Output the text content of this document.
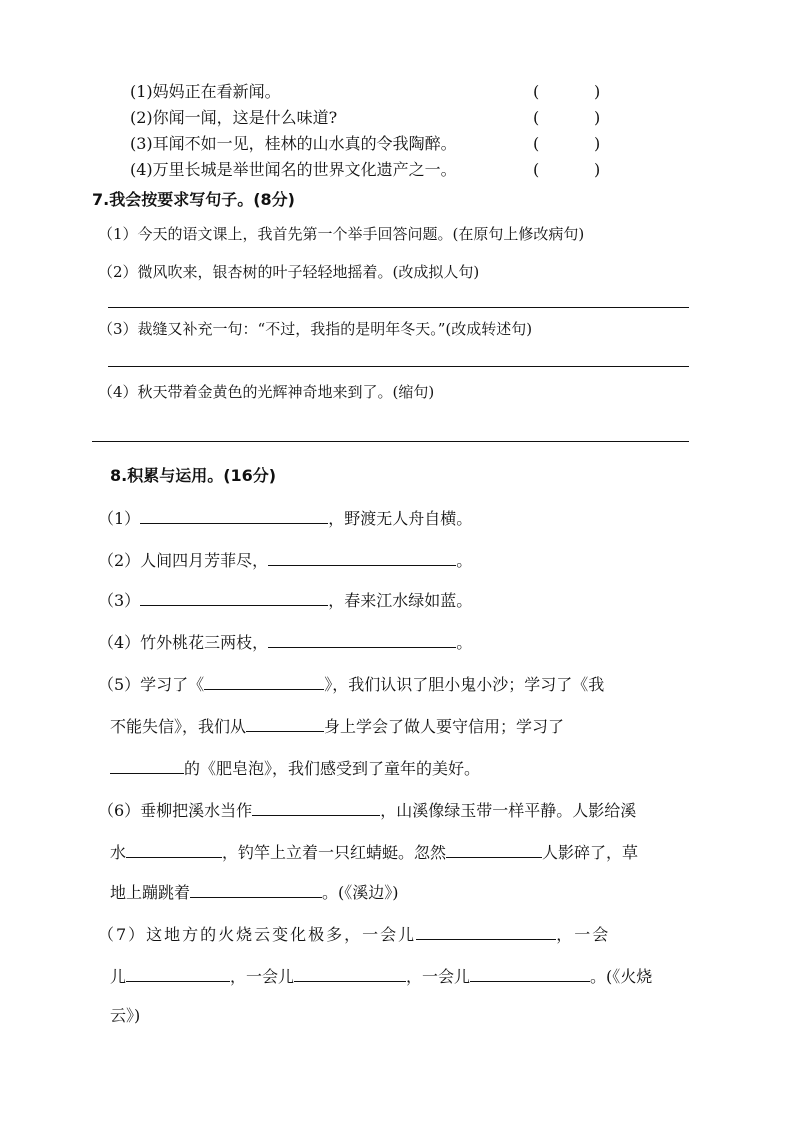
(1)妈妈正在看新闻。	(	)
(2)你闻一闻，这是什么味道?	(	)
(3)耳闻不如一见，桂林的山水真的令我陶醉。	(	)
(4)万里长城是举世闻名的世界文化遗产之一。	(	)
7.我会按要求写句子。(8分)
（1）今天的语文课上，我首先第一个举手回答问题。(在原句上修改病句)
（2）微风吹来，银杏树的叶子轻轻地摇着。(改成拟人句)
（3）裁缝又补充一句：“不过，我指的是明年冬天。”(改成转述句)
（4）秋天带着金黄色的光辉神奇地来到了。(缩句)
8.积累与运用。(16分)
（1）	，野渡无人舟自横。
（2）人间四月芳菲尽，	。
（3）	，春来江水绿如蓝。
（4）竹外桃花三两枝，	。
（5）学习了《	》，我们认识了胆小鬼小沙；学习了《我
不能失信》，我们从	身上学会了做人要守信用；学习了
的《肥皂泡》，我们感受到了童年的美好。
（6）垂柳把溪水当作	，山溪像绿玉带一样平静。人影给溪
水	，钓竿上立着一只红蜻蜓。忽然	人影碎了，草
地上蹦跳着	。(《溪边》)
（7）这地方的火烧云变化极多，一会儿	，一会
儿	，一会儿	，一会儿	。(《火烧
云》)
